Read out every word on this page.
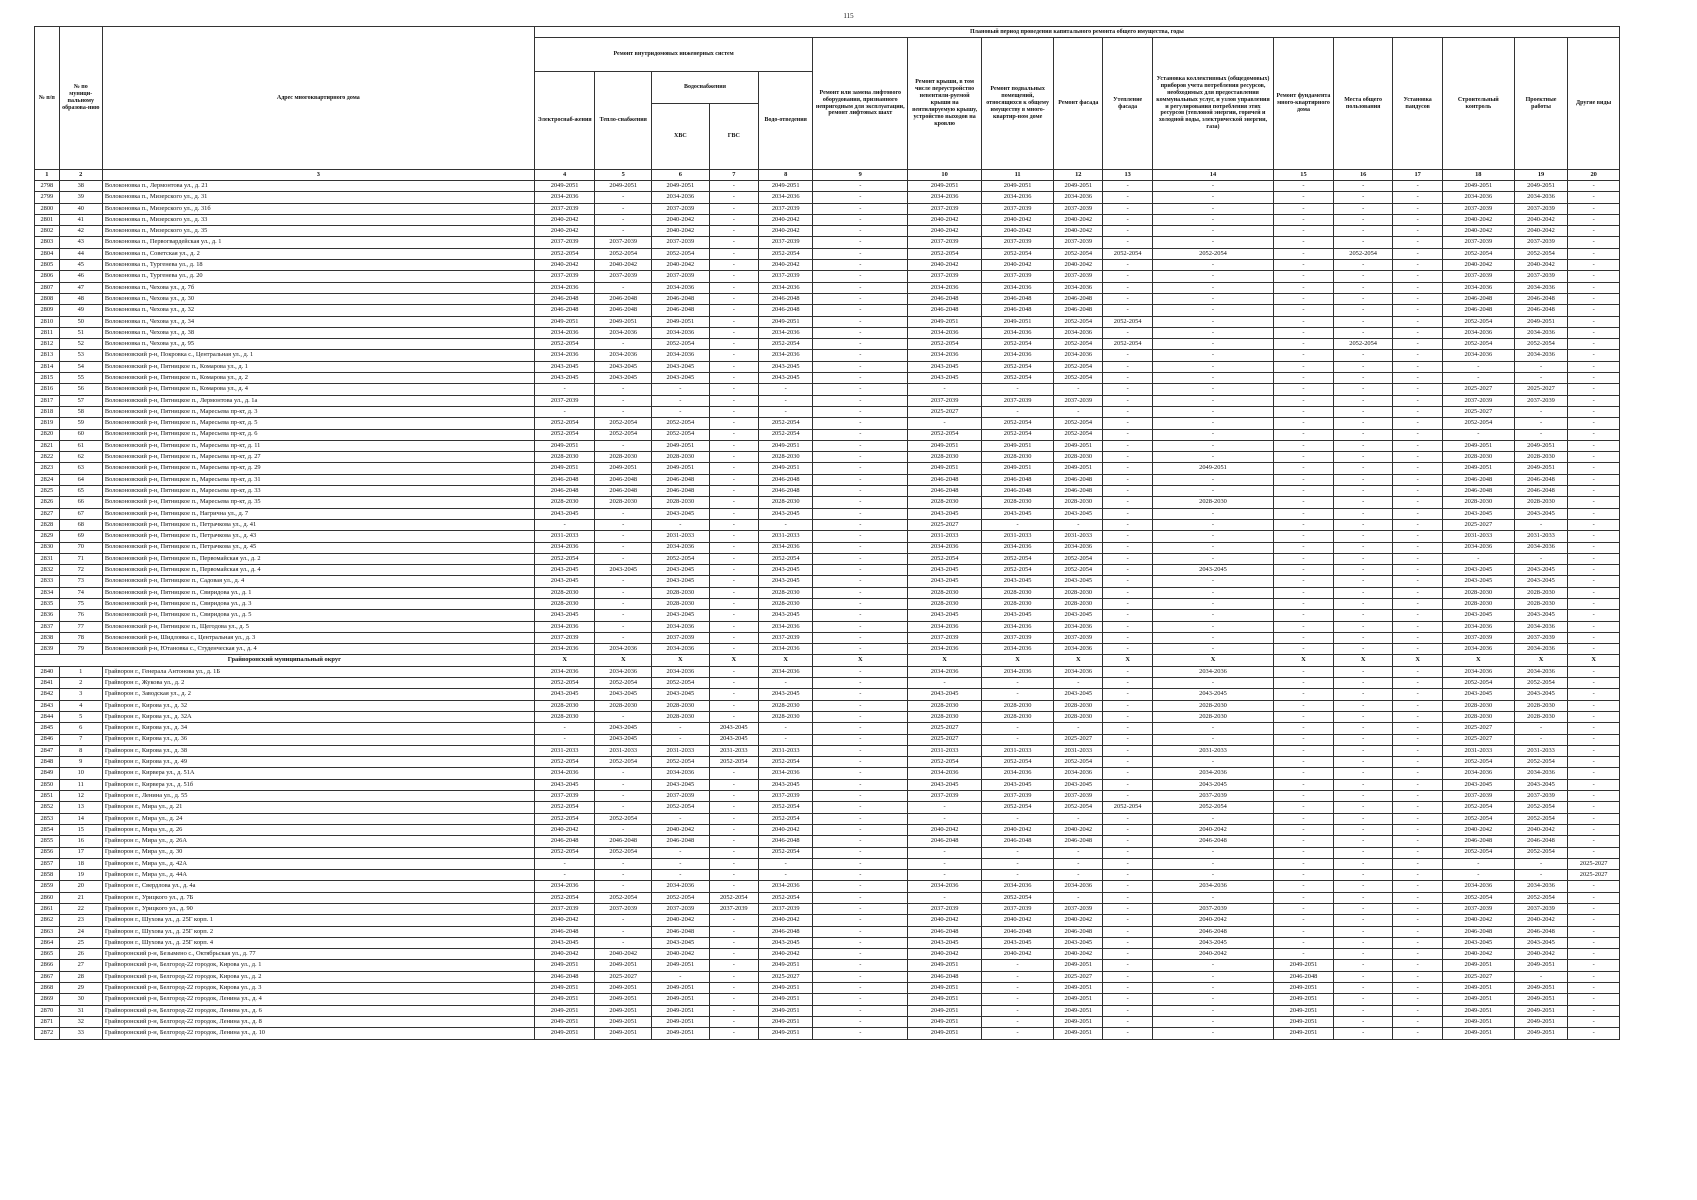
115
№ п/п	№ по муници-пальному образова-нию	Адрес многоквартирного дома	Плановый период проведения капитального ремонта общего имущества, годы																
			Ремонт внутридомовых инженерных систем					Ремонт или замена лифтового оборудования, признанного непригодным для эксплуатации, ремонт лифтовых шахт	Ремонт крыши, в том числе переустройство невентили-руемой крыши на вентилируемую крышу, устройство выходов на кровлю	Ремонт подвальных помещений, относящихся к общему имуществу в много-квартир-ном доме	Ремонт фасада	Утепление фасада	Установка коллективных (общедомовых) приборов учета потребления ресурсов, необходимых для предоставления коммунальных услуг, и узлов управления и регулирования потребления этих ресурсов (тепловой энергии, горячей и холодной воды, электрической энергии, газа)	Ремонт фундамента много-квартирного дома	Места общего пользования	Установка пандусов	Строительный контроль	Проектные работы	Другие виды
			Электроснаб-жения	Тепло-снабжения	Водоснабжения		Водо-отведения												
					ХВС	ГВС													
1	2	3	4	5	6	7	8	9	10	11	12	13	14	15	16	17	18	19	20
2798	38	Волоконовка п., Лермонтова ул., д. 21	2049-2051	2049-2051	2049-2051	-	2049-2051	-	2049-2051	2049-2051	2049-2051	-	-	-	-	-	2049-2051	2049-2051	-
2799	39	Волоконовка п., Мизерского ул., д. 31	2034-2036	-	2034-2036	-	2034-2036	-	2034-2036	2034-2036	2034-2036	-	-	-	-	-	2034-2036	2034-2036	-
2800	40	Волоконовка п., Мизерского ул., д. 31б	2037-2039	-	2037-2039	-	2037-2039	-	2037-2039	2037-2039	2037-2039	-	-	-	-	-	2037-2039	2037-2039	-
2801	41	Волоконовка п., Мизерского ул., д. 33	2040-2042	-	2040-2042	-	2040-2042	-	2040-2042	2040-2042	2040-2042	-	-	-	-	-	2040-2042	2040-2042	-
2802	42	Волоконовка п., Мизерского ул., д. 35	2040-2042	-	2040-2042	-	2040-2042	-	2040-2042	2040-2042	2040-2042	-	-	-	-	-	2040-2042	2040-2042	-
2803	43	Волоконовка п., Первогвардейская ул., д. 1	2037-2039	2037-2039	2037-2039	-	2037-2039	-	2037-2039	2037-2039	2037-2039	-	-	-	-	-	2037-2039	2037-2039	-
2804	44	Волоконовка п., Советская ул., д. 2	2052-2054	2052-2054	2052-2054	-	2052-2054	-	2052-2054	2052-2054	2052-2054	2052-2054	2052-2054	-	2052-2054	-	2052-2054	2052-2054	-
2805	45	Волоконовка п., Тургенева ул., д. 18	2040-2042	2040-2042	2040-2042	-	2040-2042	-	2040-2042	2040-2042	2040-2042	-	-	-	-	-	2040-2042	2040-2042	-
2806	46	Волоконовка п., Тургенева ул., д. 20	2037-2039	2037-2039	2037-2039	-	2037-2039	-	2037-2039	2037-2039	2037-2039	-	-	-	-	-	2037-2039	2037-2039	-
2807	47	Волоконовка п., Чехова ул., д. 7б	2034-2036	-	2034-2036	-	2034-2036	-	2034-2036	2034-2036	2034-2036	-	-	-	-	-	2034-2036	2034-2036	-
2808	48	Волоконовка п., Чехова ул., д. 30	2046-2048	2046-2048	2046-2048	-	2046-2048	-	2046-2048	2046-2048	2046-2048	-	-	-	-	-	2046-2048	2046-2048	-
2809	49	Волоконовка п., Чехова ул., д. 32	2046-2048	2046-2048	2046-2048	-	2046-2048	-	2046-2048	2046-2048	2046-2048	-	-	-	-	-	2046-2048	2046-2048	-
2810	50	Волоконовка п., Чехова ул., д. 34	2049-2051	2049-2051	2049-2051	-	2049-2051	-	2049-2051	2049-2051	2052-2054	2052-2054	-	-	-	-	2052-2054	2049-2051	-
2811	51	Волоконовка п., Чехова ул., д. 38	2034-2036	2034-2036	2034-2036	-	2034-2036	-	2034-2036	2034-2036	2034-2036	-	-	-	-	-	2034-2036	2034-2036	-
2812	52	Волоконовка п., Чехова ул., д. 95	2052-2054	-	2052-2054	-	2052-2054	-	2052-2054	2052-2054	2052-2054	2052-2054	-	-	2052-2054	-	2052-2054	2052-2054	-
2813	53	Волоконовский р-н, Покровка с., Центральная ул., д. 1	2034-2036	2034-2036	2034-2036	-	2034-2036	-	2034-2036	2034-2036	2034-2036	-	-	-	-	-	2034-2036	2034-2036	-
2814	54	Волоконовский р-н, Пятницкое п., Комарова ул., д. 1	2043-2045	2043-2045	2043-2045	-	2043-2045	-	2043-2045	2052-2054	2052-2054	-	-	-	-	-	-	-	-
2815	55	Волоконовский р-н, Пятницкое п., Комарова ул., д. 2	2043-2045	2043-2045	2043-2045	-	2043-2045	-	2043-2045	2052-2054	2052-2054	-	-	-	-	-	-	-	-
2816	56	Волоконовский р-н, Пятницкое п., Комарова ул., д. 4	-	-	-	-	-	-	-	-	-	-	-	-	-	-	2025-2027	2025-2027	-
2817	57	Волоконовский р-н, Пятницкое п., Лермонтова ул., д. 1а	2037-2039	-	-	-	-	-	2037-2039	2037-2039	2037-2039	-	-	-	-	-	2037-2039	2037-2039	-
2818	58	Волоконовский р-н, Пятницкое п., Маресьева пр-кт, д. 3	-	-	-	-	-	-	2025-2027	-	-	-	-	-	-	-	2025-2027	-	-
2819	59	Волоконовский р-н, Пятницкое п., Маресьева пр-кт, д. 5	2052-2054	2052-2054	2052-2054	-	2052-2054	-	-	2052-2054	2052-2054	-	-	-	-	-	2052-2054	-	-
2820	60	Волоконовский р-н, Пятницкое п., Маресьева пр-кт, д. 6	2052-2054	2052-2054	2052-2054	-	2052-2054	-	2052-2054	2052-2054	2052-2054	-	-	-	-	-	-	-	-
2821	61	Волоконовский р-н, Пятницкое п., Маресьева пр-кт, д. 11	2049-2051	-	2049-2051	-	2049-2051	-	2049-2051	2049-2051	2049-2051	-	-	-	-	-	2049-2051	2049-2051	-
2822	62	Волоконовский р-н, Пятницкое п., Маресьева пр-кт, д. 27	2028-2030	2028-2030	2028-2030	-	2028-2030	-	2028-2030	2028-2030	2028-2030	-	-	-	-	-	2028-2030	2028-2030	-
2823	63	Волоконовский р-н, Пятницкое п., Маресьева пр-кт, д. 29	2049-2051	2049-2051	2049-2051	-	2049-2051	-	2049-2051	2049-2051	2049-2051	-	2049-2051	-	-	-	2049-2051	2049-2051	-
2824	64	Волоконовский р-н, Пятницкое п., Маресьева пр-кт, д. 31	2046-2048	2046-2048	2046-2048	-	2046-2048	-	2046-2048	2046-2048	2046-2048	-	-	-	-	-	2046-2048	2046-2048	-
2825	65	Волоконовский р-н, Пятницкое п., Маресьева пр-кт, д. 33	2046-2048	2046-2048	2046-2048	-	2046-2048	-	2046-2048	2046-2048	2046-2048	-	-	-	-	-	2046-2048	2046-2048	-
2826	66	Волоконовский р-н, Пятницкое п., Маресьева пр-кт, д. 35	2028-2030	2028-2030	2028-2030	-	2028-2030	-	2028-2030	2028-2030	2028-2030	-	2028-2030	-	-	-	2028-2030	2028-2030	-
2827	67	Волоконовский р-н, Пятницкое п., Нагрична ул., д. 7	2043-2045	-	2043-2045	-	2043-2045	-	2043-2045	2043-2045	2043-2045	-	-	-	-	-	2043-2045	2043-2045	-
2828	68	Волоконовский р-н, Пятницкое п., Петрачкова ул., д. 41	-	-	-	-	-	-	2025-2027	-	-	-	-	-	-	-	2025-2027	-	-
2829	69	Волоконовский р-н, Пятницкое п., Петрачкова ул., д. 43	2031-2033	-	2031-2033	-	2031-2033	-	2031-2033	2031-2033	2031-2033	-	-	-	-	-	2031-2033	2031-2033	-
2830	70	Волоконовский р-н, Пятницкое п., Петрачкова ул., д. 45	2034-2036	-	2034-2036	-	2034-2036	-	2034-2036	2034-2036	2034-2036	-	-	-	-	-	2034-2036	2034-2036	-
2831	71	Волоконовский р-н, Пятницкое п., Первомайская ул., д. 2	2052-2054	-	2052-2054	-	2052-2054	-	2052-2054	2052-2054	2052-2054	-	-	-	-	-	-	-	-
2832	72	Волоконовский р-н, Пятницкое п., Первомайская ул., д. 4	2043-2045	2043-2045	2043-2045	-	2043-2045	-	2043-2045	2052-2054	2052-2054	-	2043-2045	-	-	-	2043-2045	2043-2045	-
2833	73	Волоконовский р-н, Пятницкое п., Садовая ул., д. 4	2043-2045	-	2043-2045	-	2043-2045	-	2043-2045	2043-2045	2043-2045	-	-	-	-	-	2043-2045	2043-2045	-
2834	74	Волоконовский р-н, Пятницкое п., Свиридова ул., д. 1	2028-2030	-	2028-2030	-	2028-2030	-	2028-2030	2028-2030	2028-2030	-	-	-	-	-	2028-2030	2028-2030	-
2835	75	Волоконовский р-н, Пятницкое п., Свиридова ул., д. 3	2028-2030	-	2028-2030	-	2028-2030	-	2028-2030	2028-2030	2028-2030	-	-	-	-	-	2028-2030	2028-2030	-
2836	76	Волоконовский р-н, Пятницкое п., Свиридова ул., д. 5	2043-2045	-	2043-2045	-	2043-2045	-	2043-2045	2043-2045	2043-2045	-	-	-	-	-	2043-2045	2043-2045	-
2837	77	Волоконовский р-н, Пятницкое п., Щегодова ул., д. 5	2034-2036	-	2034-2036	-	2034-2036	-	2034-2036	2034-2036	2034-2036	-	-	-	-	-	2034-2036	2034-2036	-
2838	78	Волоконовский р-н, Шидловка с., Центральная ул., д. 3	2037-2039	-	2037-2039	-	2037-2039	-	2037-2039	2037-2039	2037-2039	-	-	-	-	-	2037-2039	2037-2039	-
2839	79	Волоконовский р-н, Ютановка с., Студенческая ул., д. 4	2034-2036	2034-2036	2034-2036	-	2034-2036	-	2034-2036	2034-2036	2034-2036	-	-	-	-	-	2034-2036	2034-2036	-
Грайворонский муниципальный округ			X	X	X	X	X	X	X	X	X	X	X	X	X	X	X	X	X
2840	1	Грайворон г., Генерала Антонова ул., д. 1Б	2034-2036	2034-2036	2034-2036	-	2034-2036	-	2034-2036	2034-2036	2034-2036	-	2034-2036	-	-	-	2034-2036	2034-2036	-
2841	2	Грайворон г., Жукова ул., д. 2	2052-2054	2052-2054	2052-2054	-	-	-	-	-	-	-	-	-	-	-	2052-2054	2052-2054	-
2842	3	Грайворон г., Заводская ул., д. 2	2043-2045	2043-2045	2043-2045	-	2043-2045	-	2043-2045	-	2043-2045	-	2043-2045	-	-	-	2043-2045	2043-2045	-
2843	4	Грайворон г., Кирова ул., д. 32	2028-2030	2028-2030	2028-2030	-	2028-2030	-	2028-2030	2028-2030	2028-2030	-	2028-2030	-	-	-	2028-2030	2028-2030	-
2844	5	Грайворон г., Кирова ул., д. 32А	2028-2030	-	2028-2030	-	2028-2030	-	2028-2030	2028-2030	2028-2030	-	2028-2030	-	-	-	2028-2030	2028-2030	-
2845	6	Грайворон г., Кирова ул., д. 34	-	2043-2045	-	2043-2045	-	-	2025-2027	-	-	-	-	-	-	-	2025-2027	-	-
2846	7	Грайворон г., Кирова ул., д. 36	-	2043-2045	-	2043-2045	-	-	2025-2027	-	2025-2027	-	-	-	-	-	2025-2027	-	-
2847	8	Грайворон г., Кирова ул., д. 38	2031-2033	2031-2033	2031-2033	2031-2033	2031-2033	-	2031-2033	2031-2033	2031-2033	-	2031-2033	-	-	-	2031-2033	2031-2033	-
2848	9	Грайворон г., Кирова ул., д. 49	2052-2054	2052-2054	2052-2054	2052-2054	2052-2054	-	2052-2054	2052-2054	2052-2054	-	-	-	-	-	2052-2054	2052-2054	-
2849	10	Грайворон г., Кирвера ул., д. 51А	2034-2036	-	2034-2036	-	2034-2036	-	2034-2036	2034-2036	2034-2036	-	2034-2036	-	-	-	2034-2036	2034-2036	-
2850	11	Грайворон г., Кирвера ул., д. 51б	2043-2045	-	2043-2045	-	2043-2045	-	2043-2045	2043-2045	2043-2045	-	2043-2045	-	-	-	2043-2045	2043-2045	-
2851	12	Грайворон г., Ленина ул., д. 55	2037-2039	-	2037-2039	-	2037-2039	-	2037-2039	2037-2039	2037-2039	-	2037-2039	-	-	-	2037-2039	2037-2039	-
2852	13	Грайворон г., Мира ул., д. 21	2052-2054	-	2052-2054	-	2052-2054	-	-	2052-2054	2052-2054	2052-2054	2052-2054	-	-	-	2052-2054	2052-2054	-
2853	14	Грайворон г., Мира ул., д. 24	2052-2054	2052-2054	-	-	2052-2054	-	-	-	-	-	-	-	-	-	2052-2054	2052-2054	-
2854	15	Грайворон г., Мира ул., д. 26	2040-2042	-	2040-2042	-	2040-2042	-	2040-2042	2040-2042	2040-2042	-	2040-2042	-	-	-	2040-2042	2040-2042	-
2855	16	Грайворон г., Мира ул., д. 26А	2046-2048	2046-2048	2046-2048	-	2046-2048	-	2046-2048	2046-2048	2046-2048	-	2046-2048	-	-	-	2046-2048	2046-2048	-
2856	17	Грайворон г., Мира ул., д. 30	2052-2054	2052-2054	-	-	2052-2054	-	-	-	-	-	-	-	-	-	2052-2054	2052-2054	-
2857	18	Грайворон г., Мира ул., д. 42А	-	-	-	-	-	-	-	-	-	-	-	-	-	-	-	-	2025-2027
2858	19	Грайворон г., Мира ул., д. 44А	-	-	-	-	-	-	-	-	-	-	-	-	-	-	-	-	2025-2027
2859	20	Грайворон г., Свердлова ул., д. 4а	2034-2036	-	2034-2036	-	2034-2036	-	2034-2036	2034-2036	2034-2036	-	2034-2036	-	-	-	2034-2036	2034-2036	-
2860	21	Грайворон г., Урицкого ул., д. 7Б	2052-2054	2052-2054	2052-2054	2052-2054	2052-2054	-	-	2052-2054	-	-	-	-	-	-	2052-2054	2052-2054	-
2861	22	Грайворон г., Урицкого ул., д. 90	2037-2039	2037-2039	2037-2039	2037-2039	2037-2039	-	2037-2039	2037-2039	2037-2039	-	2037-2039	-	-	-	2037-2039	2037-2039	-
2862	23	Грайворон г., Шухова ул., д. 25Г корп. 1	2040-2042	-	2040-2042	-	2040-2042	-	2040-2042	2040-2042	2040-2042	-	2040-2042	-	-	-	2040-2042	2040-2042	-
2863	24	Грайворон г., Шухова ул., д. 25Г корп. 2	2046-2048	-	2046-2048	-	2046-2048	-	2046-2048	2046-2048	2046-2048	-	2046-2048	-	-	-	2046-2048	2046-2048	-
2864	25	Грайворон г., Шухова ул., д. 25Г корп. 4	2043-2045	-	2043-2045	-	2043-2045	-	2043-2045	2043-2045	2043-2045	-	2043-2045	-	-	-	2043-2045	2043-2045	-
2865	26	Грайворонский р-н, Безымено с., Октябрьская ул., д. 77	2040-2042	2040-2042	2040-2042	-	2040-2042	-	2040-2042	2040-2042	2040-2042	-	2040-2042	-	-	-	2040-2042	2040-2042	-
2866	27	Грайворонский р-н, Белгород-22 городок, Кирова ул., д. 1	2049-2051	2049-2051	2049-2051	-	2049-2051	-	2049-2051	-	2049-2051	-	-	2049-2051	-	-	2049-2051	2049-2051	-
2867	28	Грайворонский р-н, Белгород-22 городок, Кирова ул., д. 2	2046-2048	2025-2027	-	-	2025-2027	-	2046-2048	-	2025-2027	-	-	2046-2048	-	-	2025-2027	-	-
2868	29	Грайворонский р-н, Белгород-22 городок, Кирова ул., д. 3	2049-2051	2049-2051	2049-2051	-	2049-2051	-	2049-2051	-	2049-2051	-	-	2049-2051	-	-	2049-2051	2049-2051	-
2869	30	Грайворонский р-н, Белгород-22 городок, Ленина ул., д. 4	2049-2051	2049-2051	2049-2051	-	2049-2051	-	2049-2051	-	2049-2051	-	-	2049-2051	-	-	2049-2051	2049-2051	-
2870	31	Грайворонский р-н, Белгород-22 городок, Ленина ул., д. 6	2049-2051	2049-2051	2049-2051	-	2049-2051	-	2049-2051	-	2049-2051	-	-	2049-2051	-	-	2049-2051	2049-2051	-
2871	32	Грайворонский р-н, Белгород-22 городок, Ленина ул., д. 8	2049-2051	2049-2051	2049-2051	-	2049-2051	-	2049-2051	-	2049-2051	-	-	2049-2051	-	-	2049-2051	2049-2051	-
2872	33	Грайворонский р-н, Белгород-22 городок, Ленина ул., д. 10	2049-2051	2049-2051	2049-2051	-	2049-2051	-	2049-2051	-	2049-2051	-	-	2049-2051	-	-	2049-2051	2049-2051	-
